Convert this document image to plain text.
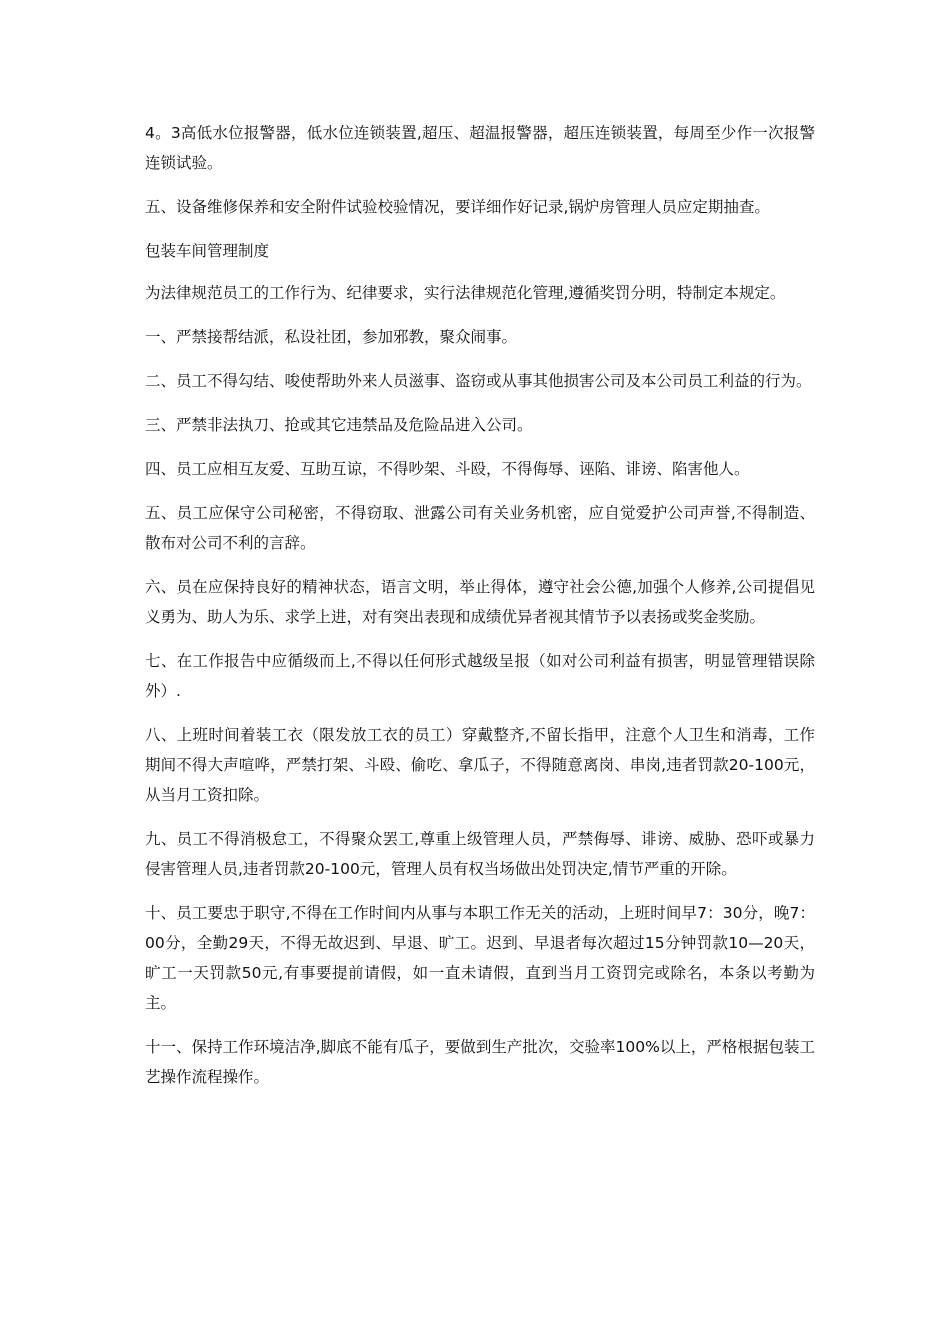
4。3高低水位报警器，低水位连锁装置,超压、超温报警器，超压连锁装置，每周至少作一次报警连锁试验。

五、设备维修保养和安全附件试验校验情况，要详细作好记录,锅炉房管理人员应定期抽查。

包装车间管理制度

为法律规范员工的工作行为、纪律要求，实行法律规范化管理,遵循奖罚分明，特制定本规定。

一、严禁接帮结派，私设社团，参加邪教，聚众闹事。

二、员工不得勾结、唆使帮助外来人员滋事、盗窃或从事其他损害公司及本公司员工利益的行为。

三、严禁非法执刀、抢或其它违禁品及危险品进入公司。

四、员工应相互友爱、互助互谅，不得吵架、斗殴，不得侮辱、诬陷、诽谤、陷害他人。

五、员工应保守公司秘密，不得窃取、泄露公司有关业务机密，应自觉爱护公司声誉,不得制造、散布对公司不利的言辞。

六、员在应保持良好的精神状态，语言文明，举止得体，遵守社会公德,加强个人修养,公司提倡见义勇为、助人为乐、求学上进，对有突出表现和成绩优异者视其情节予以表扬或奖金奖励。

七、在工作报告中应循级而上,不得以任何形式越级呈报（如对公司利益有损害，明显管理错误除外）.

八、上班时间着装工衣（限发放工衣的员工）穿戴整齐,不留长指甲，注意个人卫生和消毒，工作期间不得大声喧哗，严禁打架、斗殴、偷吃、拿瓜子，不得随意离岗、串岗,违者罚款20-100元，从当月工资扣除。

九、员工不得消极怠工，不得聚众罢工,尊重上级管理人员，严禁侮辱、诽谤、威胁、恐吓或暴力侵害管理人员,违者罚款20-100元，管理人员有权当场做出处罚决定,情节严重的开除。

十、员工要忠于职守,不得在工作时间内从事与本职工作无关的活动，上班时间早7：30分，晚7：00分，全勤29天，不得无故迟到、早退、旷工。迟到、早退者每次超过15分钟罚款10—20天，旷工一天罚款50元,有事要提前请假，如一直未请假，直到当月工资罚完或除名，本条以考勤为主。

十一、保持工作环境洁净,脚底不能有瓜子，要做到生产批次，交验率100%以上，严格根据包装工艺操作流程操作。
